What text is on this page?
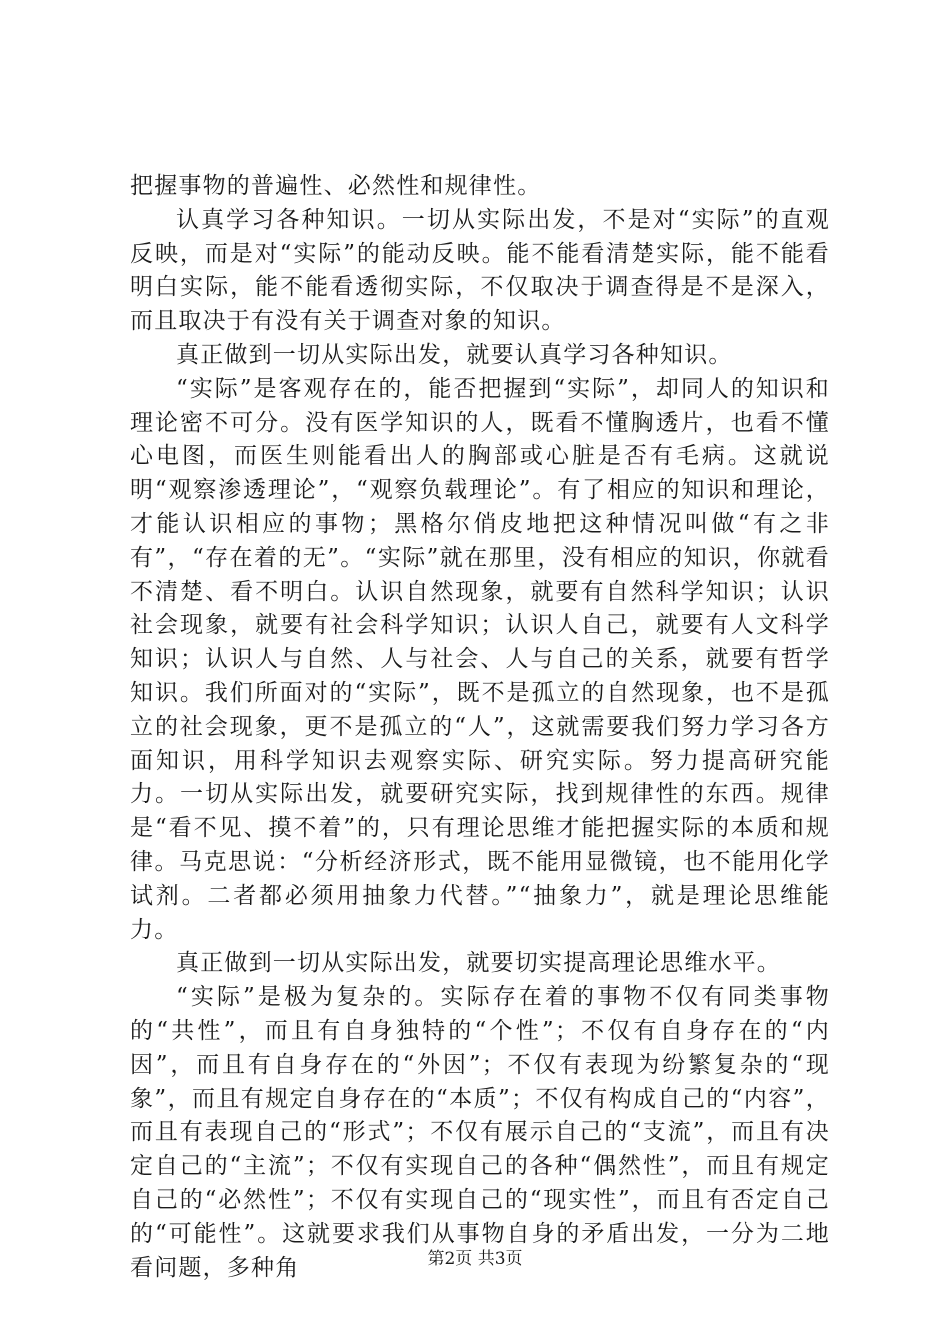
把握事物的普遍性、必然性和规律性。

认真学习各种知识。一切从实际出发，不是对“实际”的直观反映，而是对“实际”的能动反映。能不能看清楚实际，能不能看明白实际，能不能看透彻实际，不仅取决于调查得是不是深入，而且取决于有没有关于调查对象的知识。

真正做到一切从实际出发，就要认真学习各种知识。

“实际”是客观存在的，能否把握到“实际”，却同人的知识和理论密不可分。没有医学知识的人，既看不懂胸透片，也看不懂心电图，而医生则能看出人的胸部或心脏是否有毛病。这就说明“观察渗透理论”，“观察负载理论”。有了相应的知识和理论，才能认识相应的事物；黑格尔俏皮地把这种情况叫做“有之非有”，“存在着的无”。“实际”就在那里，没有相应的知识，你就看不清楚、看不明白。认识自然现象，就要有自然科学知识；认识社会现象，就要有社会科学知识；认识人自己，就要有人文科学知识；认识人与自然、人与社会、人与自己的关系，就要有哲学知识。我们所面对的“实际”，既不是孤立的自然现象，也不是孤立的社会现象，更不是孤立的“人”，这就需要我们努力学习各方面知识，用科学知识去观察实际、研究实际。努力提高研究能力。一切从实际出发，就要研究实际，找到规律性的东西。规律是“看不见、摸不着”的，只有理论思维才能把握实际的本质和规律。马克思说：“分析经济形式，既不能用显微镜，也不能用化学试剂。二者都必须用抽象力代替。”“抽象力”，就是理论思维能力。

真正做到一切从实际出发，就要切实提高理论思维水平。

“实际”是极为复杂的。实际存在着的事物不仅有同类事物的“共性”，而且有自身独特的“个性”；不仅有自身存在的“内因”，而且有自身存在的“外因”；不仅有表现为纷繁复杂的“现象”，而且有规定自身存在的“本质”；不仅有构成自己的“内容”，而且有表现自己的“形式”；不仅有展示自己的“支流”，而且有决定自己的“主流”；不仅有实现自己的各种“偶然性”，而且有规定自己的“必然性”；不仅有实现自己的“现实性”，而且有否定自己的“可能性”。这就要求我们从事物自身的矛盾出发，一分为二地看问题，多种角	第2页 共3页
